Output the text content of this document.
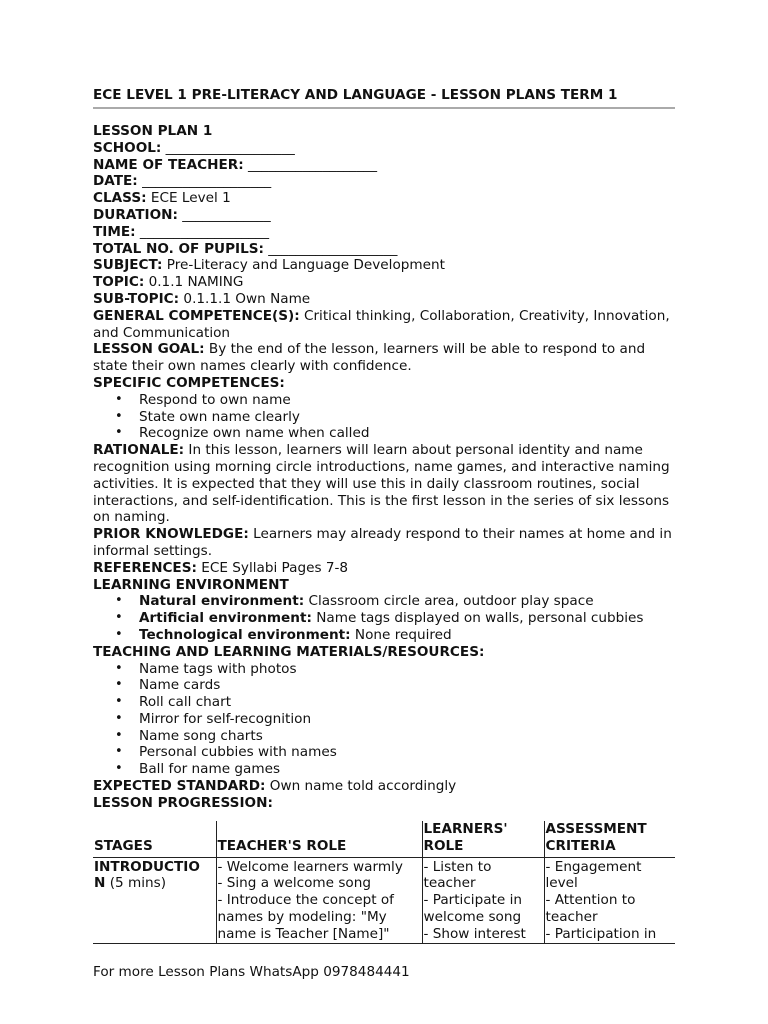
ECE LEVEL 1 PRE-LITERACY AND LANGUAGE - LESSON PLANS TERM 1
LESSON PLAN 1
SCHOOL: ___________________
NAME OF TEACHER: ___________________
DATE: ___________________
CLASS: ECE Level 1
DURATION: _____________
TIME: ___________________
TOTAL NO. OF PUPILS: ___________________
SUBJECT: Pre-Literacy and Language Development
TOPIC: 0.1.1 NAMING
SUB-TOPIC: 0.1.1.1 Own Name
GENERAL COMPETENCE(S): Critical thinking, Collaboration, Creativity, Innovation, and Communication
LESSON GOAL: By the end of the lesson, learners will be able to respond to and state their own names clearly with confidence.
SPECIFIC COMPETENCES:
• Respond to own name
• State own name clearly
• Recognize own name when called
RATIONALE: In this lesson, learners will learn about personal identity and name recognition using morning circle introductions, name games, and interactive naming activities. It is expected that they will use this in daily classroom routines, social interactions, and self-identification. This is the first lesson in the series of six lessons on naming.
PRIOR KNOWLEDGE: Learners may already respond to their names at home and in informal settings.
REFERENCES: ECE Syllabi Pages 7-8
LEARNING ENVIRONMENT
• Natural environment: Classroom circle area, outdoor play space
• Artificial environment: Name tags displayed on walls, personal cubbies
• Technological environment: None required
TEACHING AND LEARNING MATERIALS/RESOURCES:
• Name tags with photos
• Name cards
• Roll call chart
• Mirror for self-recognition
• Name song charts
• Personal cubbies with names
• Ball for name games
EXPECTED STANDARD: Own name told accordingly
LESSON PROGRESSION:
STAGES	TEACHER'S ROLE	LEARNERS' ROLE	ASSESSMENT CRITERIA
INTRODUCTIO N (5 mins)	- Welcome learners warmly
- Sing a welcome song
- Introduce the concept of names by modeling: "My name is Teacher [Name]"	- Listen to teacher
- Participate in welcome song
- Show interest	- Engagement level
- Attention to teacher
- Participation in
For more Lesson Plans WhatsApp 0978484441
